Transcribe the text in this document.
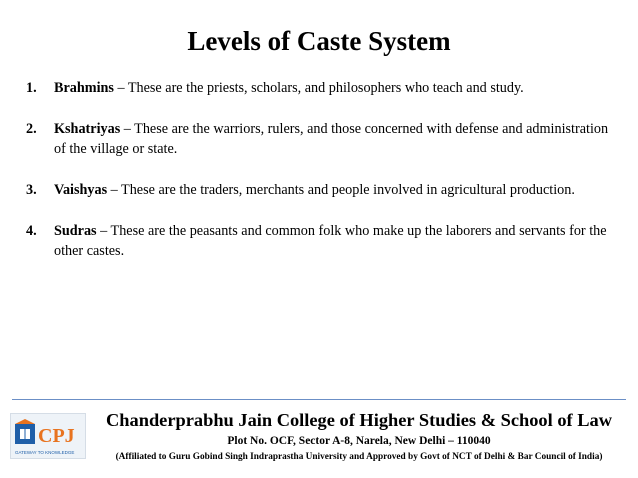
Levels of Caste System
1.	Brahmins – These are the priests, scholars, and philosophers who teach and study.
2.	Kshatriyas – These are the warriors, rulers, and those concerned with defense and administration of the village or state.
3.	Vaishyas – These are the traders, merchants and people involved in agricultural production.
4.	Sudras – These are the peasants and common folk who make up the laborers and servants for the other castes.
CPJ
GATEWAY TO KNOWLEDGE
Chanderprabhu Jain College of Higher Studies & School of Law
Plot No. OCF, Sector A-8, Narela, New Delhi – 110040
(Affiliated to Guru Gobind Singh Indraprastha University and Approved by Govt of NCT of Delhi & Bar Council of India)
